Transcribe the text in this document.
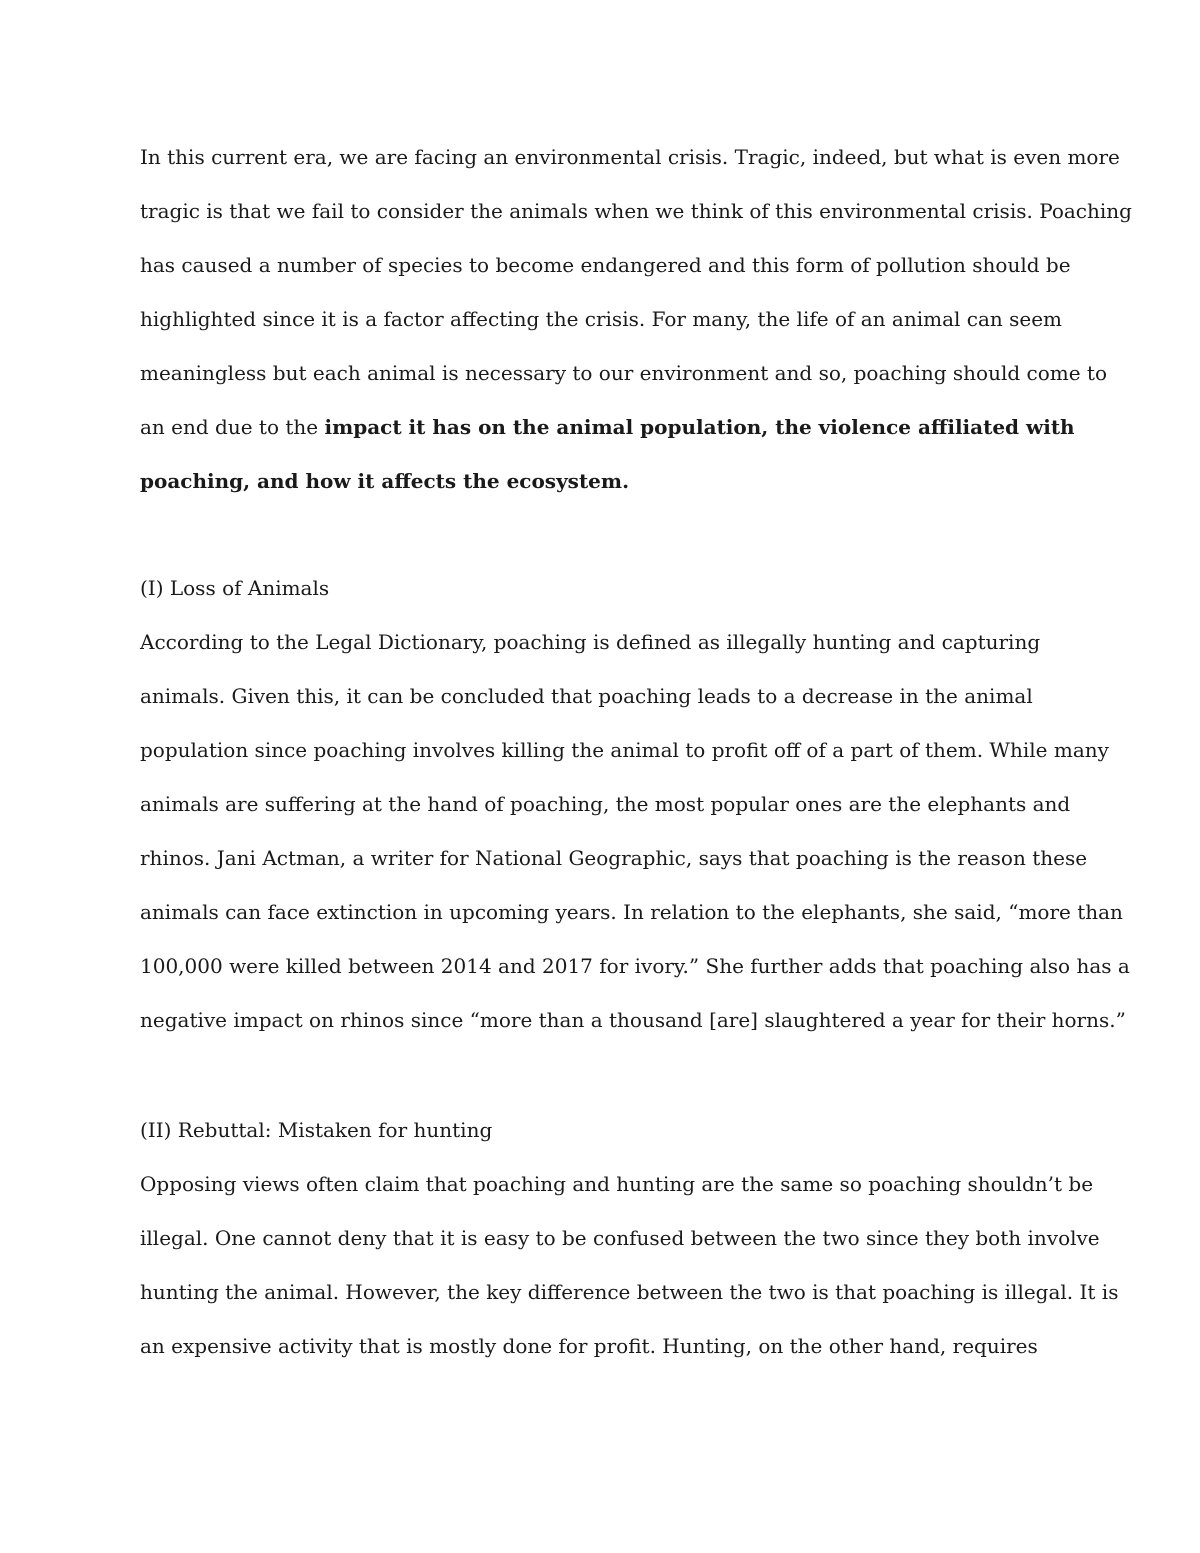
In this current era, we are facing an environmental crisis. Tragic, indeed, but what is even more
tragic is that we fail to consider the animals when we think of this environmental crisis. Poaching
has caused a number of species to become endangered and this form of pollution should be
highlighted since it is a factor affecting the crisis. For many, the life of an animal can seem
meaningless but each animal is necessary to our environment and so, poaching should come to
an end due to the impact it has on the animal population, the violence affiliated with
poaching, and how it affects the ecosystem.
(I) Loss of Animals
According to the Legal Dictionary, poaching is defined as illegally hunting and capturing
animals. Given this, it can be concluded that poaching leads to a decrease in the animal
population since poaching involves killing the animal to profit off of a part of them. While many
animals are suffering at the hand of poaching, the most popular ones are the elephants and
rhinos. Jani Actman, a writer for National Geographic, says that poaching is the reason these
animals can face extinction in upcoming years. In relation to the elephants, she said, “more than
100,000 were killed between 2014 and 2017 for ivory.” She further adds that poaching also has a
negative impact on rhinos since “more than a thousand [are] slaughtered a year for their horns.”
(II) Rebuttal: Mistaken for hunting
Opposing views often claim that poaching and hunting are the same so poaching shouldn’t be
illegal. One cannot deny that it is easy to be confused between the two since they both involve
hunting the animal. However, the key difference between the two is that poaching is illegal. It is
an expensive activity that is mostly done for profit. Hunting, on the other hand, requires
